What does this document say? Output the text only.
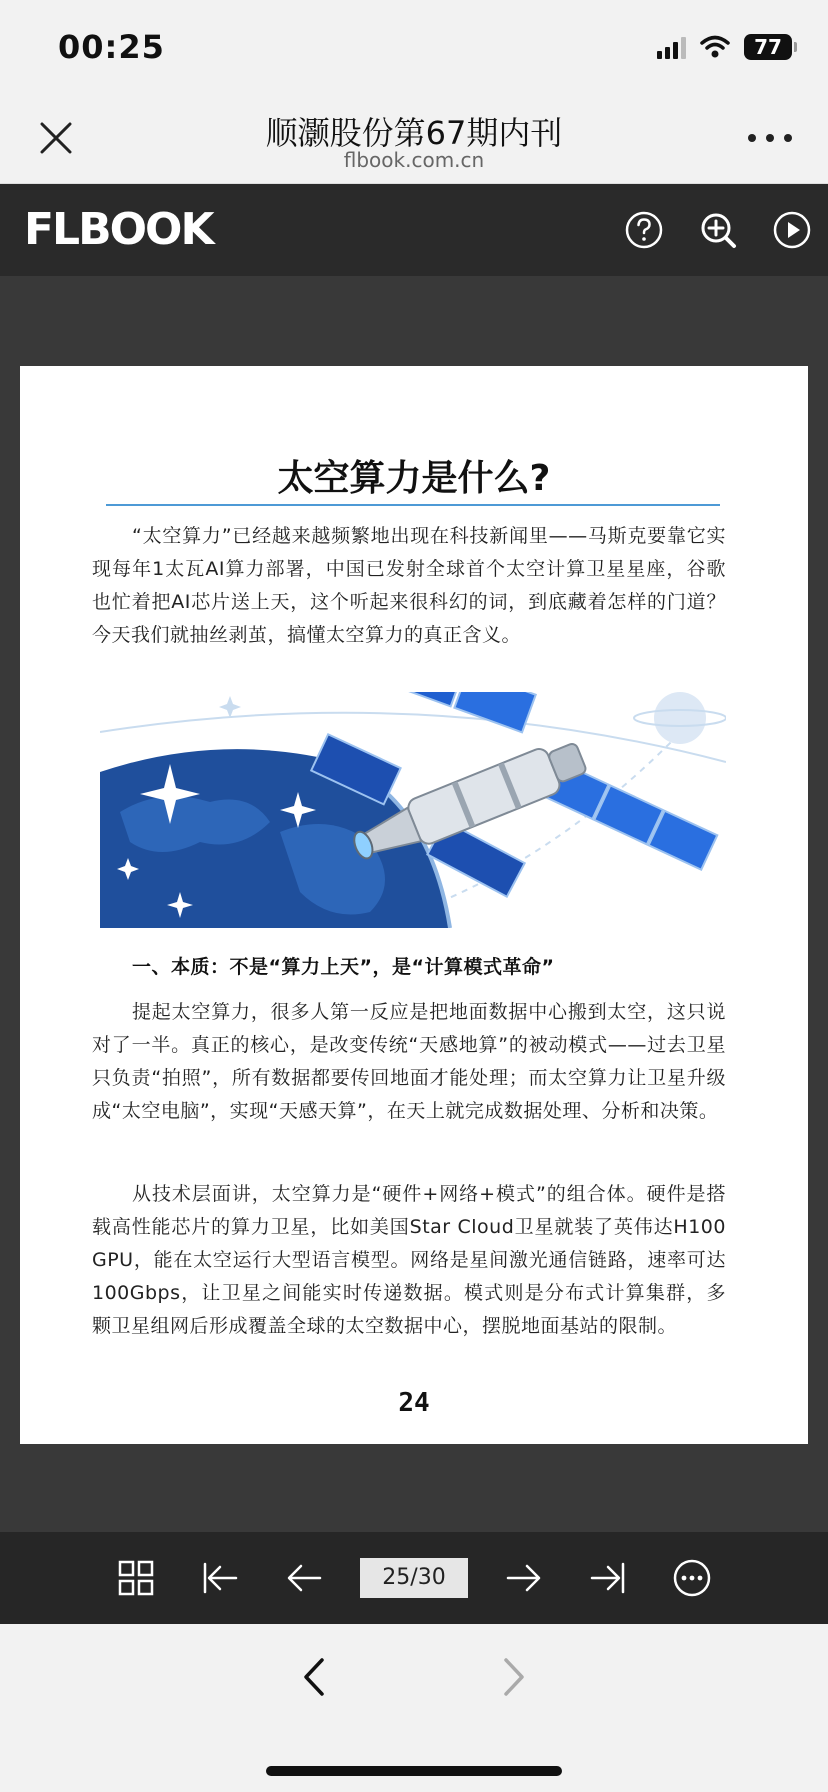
00:25	77
顺灏股份第67期内刊
flbook.com.cn
FLBOOK
太空算力是什么?

“太空算力”已经越来越频繁地出现在科技新闻里——马斯克要靠它实现每年1太瓦AI算力部署，中国已发射全球首个太空计算卫星星座，谷歌也忙着把AI芯片送上天，这个听起来很科幻的词，到底藏着怎样的门道？今天我们就抽丝剥茧，搞懂太空算力的真正含义。

一、本质：不是“算力上天”，是“计算模式革命”

提起太空算力，很多人第一反应是把地面数据中心搬到太空，这只说对了一半。真正的核心，是改变传统“天感地算”的被动模式——过去卫星只负责“拍照”，所有数据都要传回地面才能处理；而太空算力让卫星升级成“太空电脑”，实现“天感天算”，在天上就完成数据处理、分析和决策。

从技术层面讲，太空算力是“硬件+网络+模式”的组合体。硬件是搭载高性能芯片的算力卫星，比如美国Star Cloud卫星就装了英伟达H100 GPU，能在太空运行大型语言模型。网络是星间激光通信链路，速率可达100Gbps，让卫星之间能实时传递数据。模式则是分布式计算集群，多颗卫星组网后形成覆盖全球的太空数据中心，摆脱地面基站的限制。

24
25/30
